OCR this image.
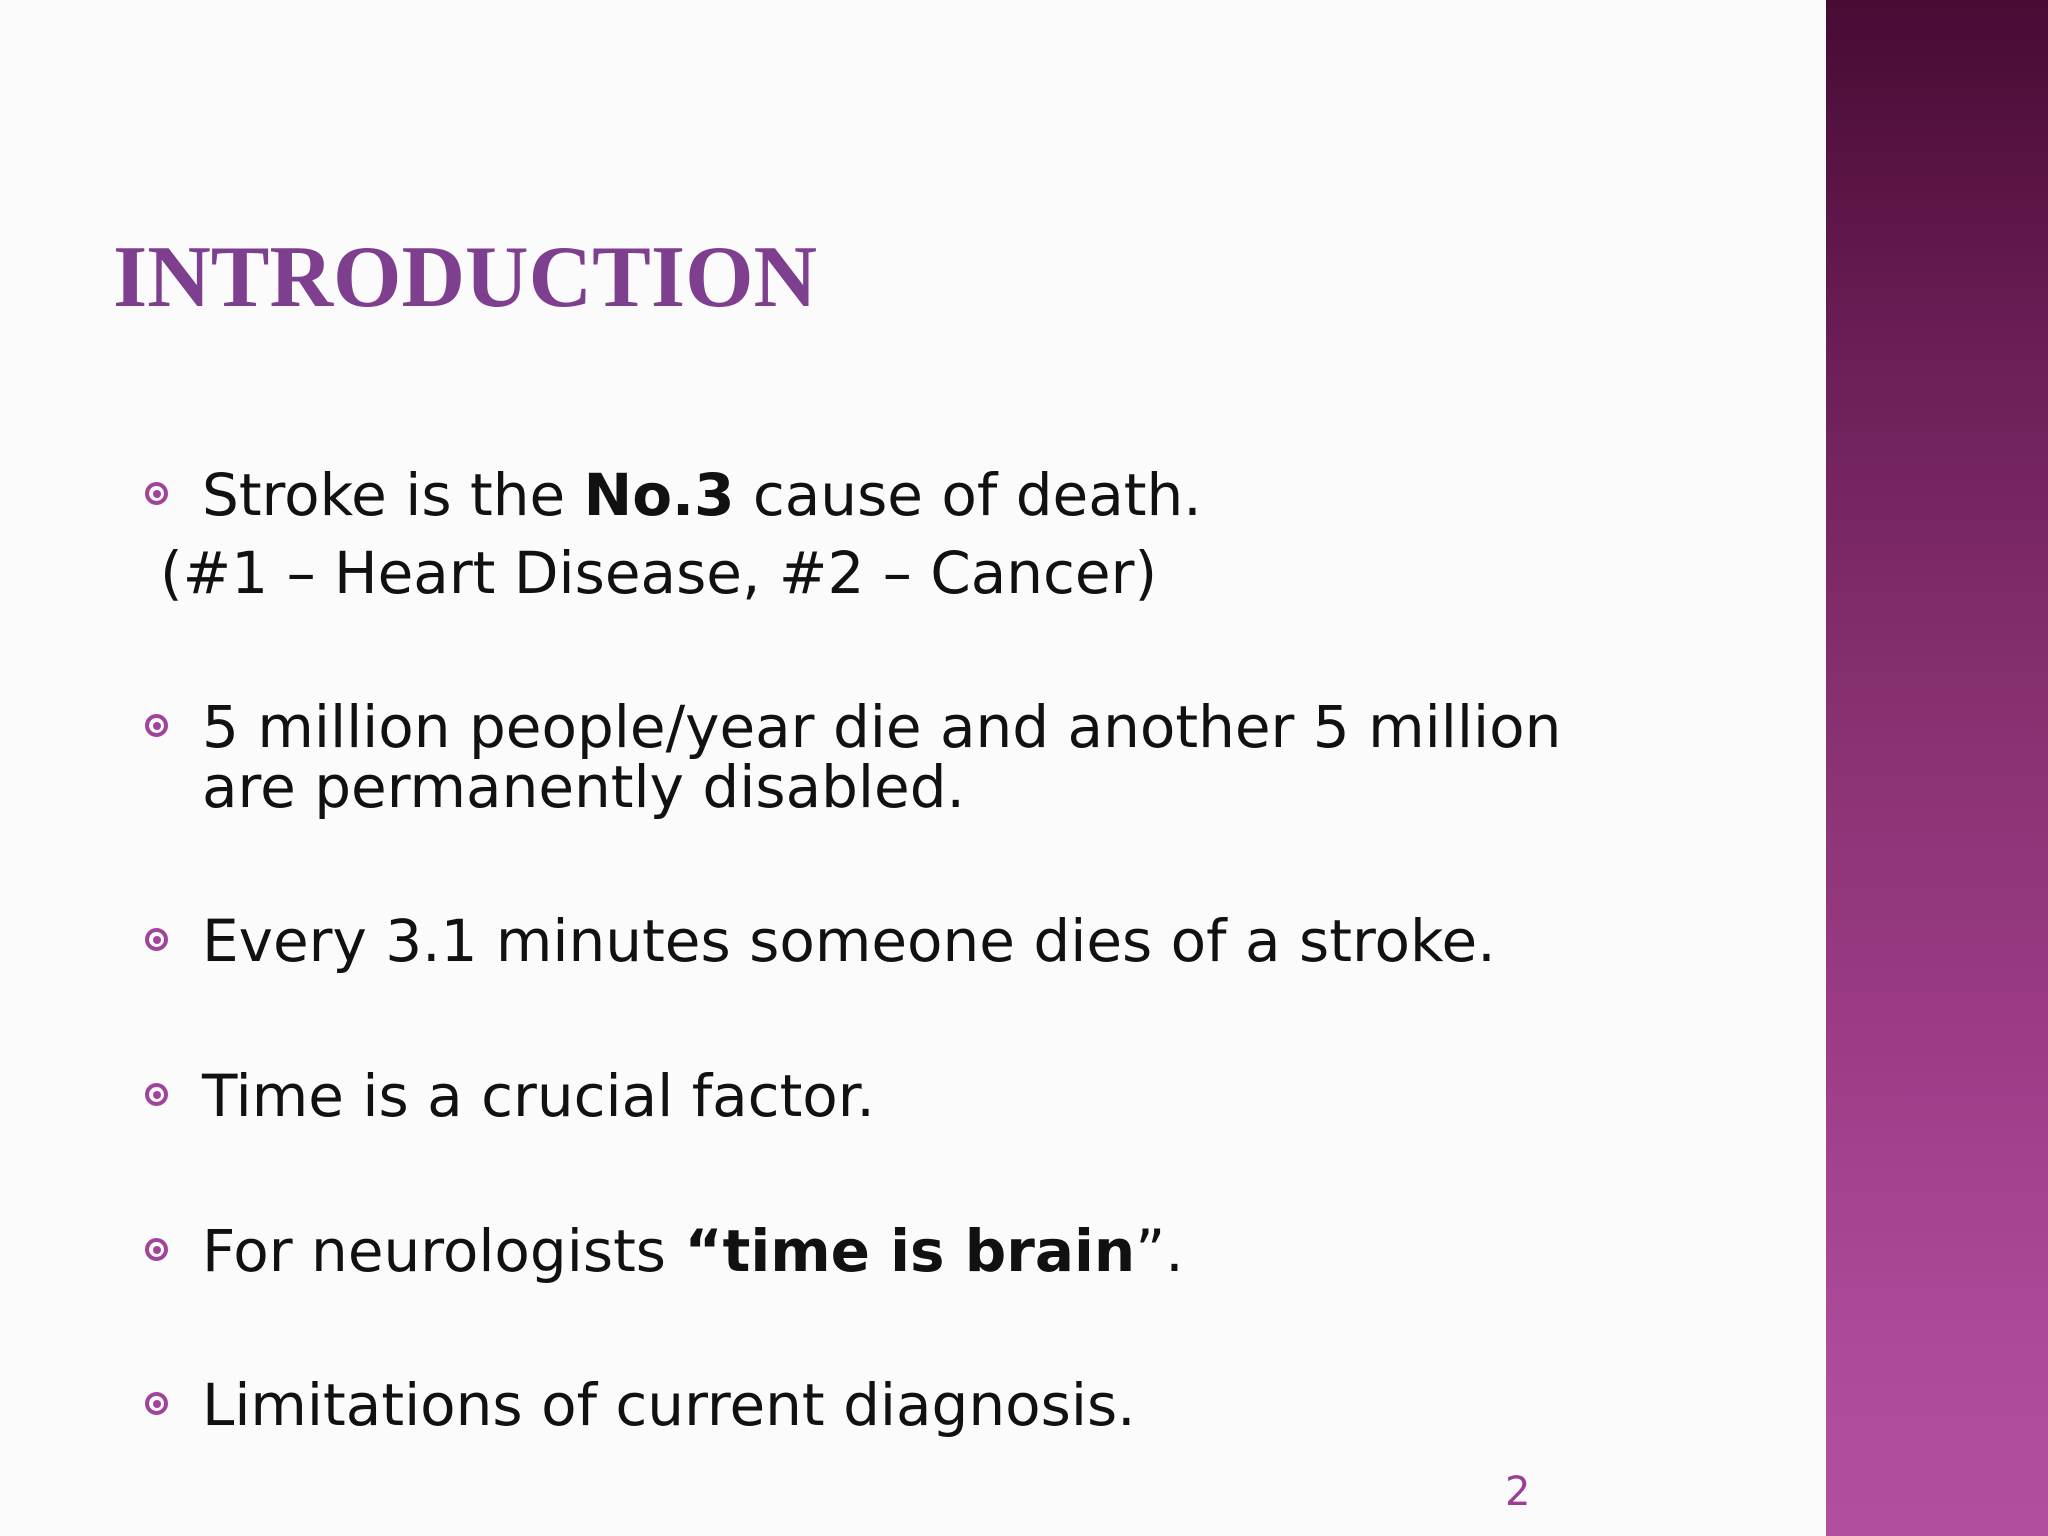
INTRODUCTION
Stroke is the No.3 cause of death.
(#1 – Heart Disease, #2 – Cancer)
5 million people/year die and another 5 million
are permanently disabled.
Every 3.1 minutes someone dies of a stroke.
Time is a crucial factor.
For neurologists “time is brain”.
Limitations of current diagnosis.
2
